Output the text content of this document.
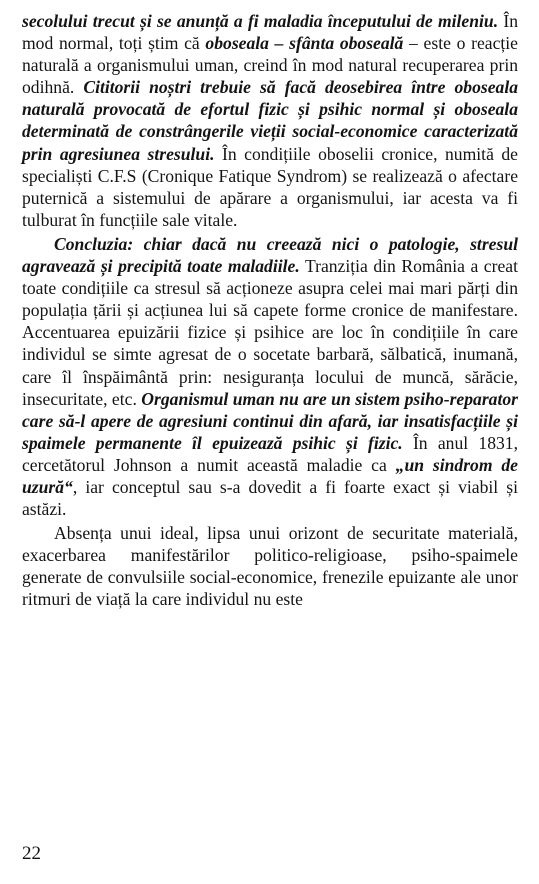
secolului trecut și se anunță a fi maladia începutului de mileniu. În mod normal, toți știm că oboseala – sfânta oboseală – este o reacție naturală a organismului uman, creind în mod natural recuperarea prin odihnă. Cititorii noștri trebuie să facă deosebirea între oboseala naturală provocată de efortul fizic și psihic normal și oboseala determinată de constrângerile vieții social-economice caracterizată prin agresiunea stresului. În condițiile oboselii cronice, numită de specialiști C.F.S (Cronique Fatique Syndrom) se realizează o afectare puternică a sistemului de apărare a organismului, iar acesta va fi tulburat în funcțiile sale vitale.

Concluzia: chiar dacă nu creează nici o patologie, stresul agravează și precipită toate maladiile. Tranziția din România a creat toate condițiile ca stresul să acționeze asupra celei mai mari părți din populația țării și acțiunea lui să capete forme cronice de manifestare. Accentuarea epuizării fizice și psihice are loc în condițiile în care individul se simte agresat de o socetate barbară, sălbatică, inumană, care îl înspăimântă prin: nesiguranța locului de muncă, sărăcie, insecuritate, etc. Organismul uman nu are un sistem psiho-reparator care să-l apere de agresiuni continui din afară, iar insatisfacțiile și spaimele permanente îl epuizează psihic și fizic. În anul 1831, cercetătorul Johnson a numit această maladie ca „un sindrom de uzură“, iar conceptul sau s-a dovedit a fi foarte exact și viabil și astăzi.

Absența unui ideal, lipsa unui orizont de securitate materială, exacerbarea manifestărilor politico-religioase, psiho-spaimele generate de convulsiile social-economice, frenezile epuizante ale unor ritmuri de viață la care individul nu este

22
